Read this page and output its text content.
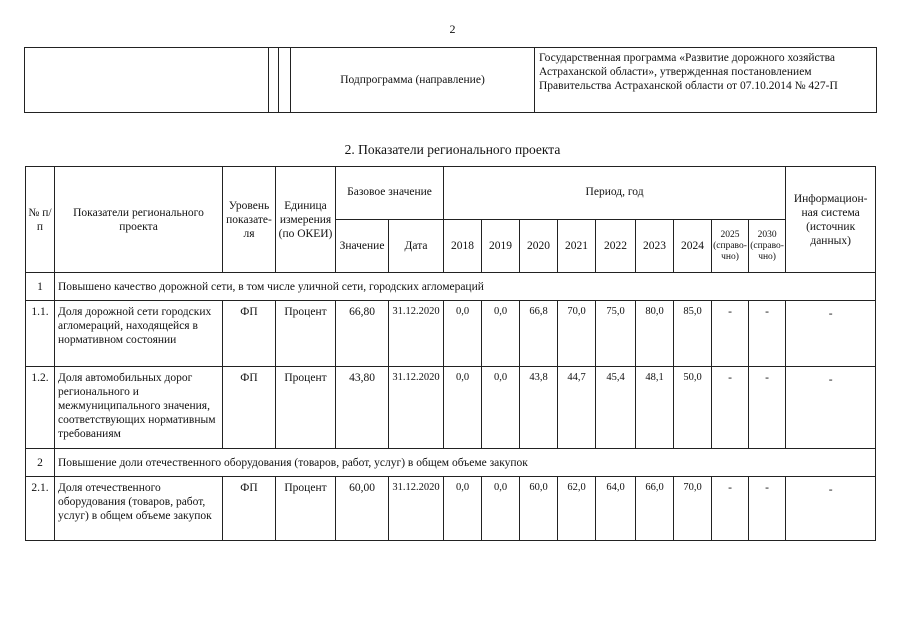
2
			Подпрограмма (направление)	Государственная программа «Развитие дорожного хозяйства Астраханской области», утвержденная постановлением Правительства Астраханской области от 07.10.2014 № 427-П
2. Показатели регионального проекта
№ п/п	Показатели регионального проекта	Уровень показате-ля	Единица измерения (по ОКЕИ)	Базовое значение		Период, год									Информацион-ная система (источник данных)
				Значение	Дата	2018	2019	2020	2021	2022	2023	2024	2025 (справо-чно)	2030 (справо-чно)	
1	Повышено качество дорожной сети, в том числе уличной сети, городских агломераций														
1.1.	Доля дорожной сети городских агломераций, находящейся в нормативном состоянии	ФП	Процент	66,80	31.12.2020	0,0	0,0	66,8	70,0	75,0	80,0	85,0	-	-	-
1.2.	Доля автомобильных дорог регионального и межмуниципального значения, соответствующих нормативным требованиям	ФП	Процент	43,80	31.12.2020	0,0	0,0	43,8	44,7	45,4	48,1	50,0	-	-	-
2	Повышение доли отечественного оборудования (товаров, работ, услуг) в общем объеме закупок														
2.1.	Доля отечественного оборудования (товаров, работ, услуг) в общем объеме закупок	ФП	Процент	60,00	31.12.2020	0,0	0,0	60,0	62,0	64,0	66,0	70,0	-	-	-
